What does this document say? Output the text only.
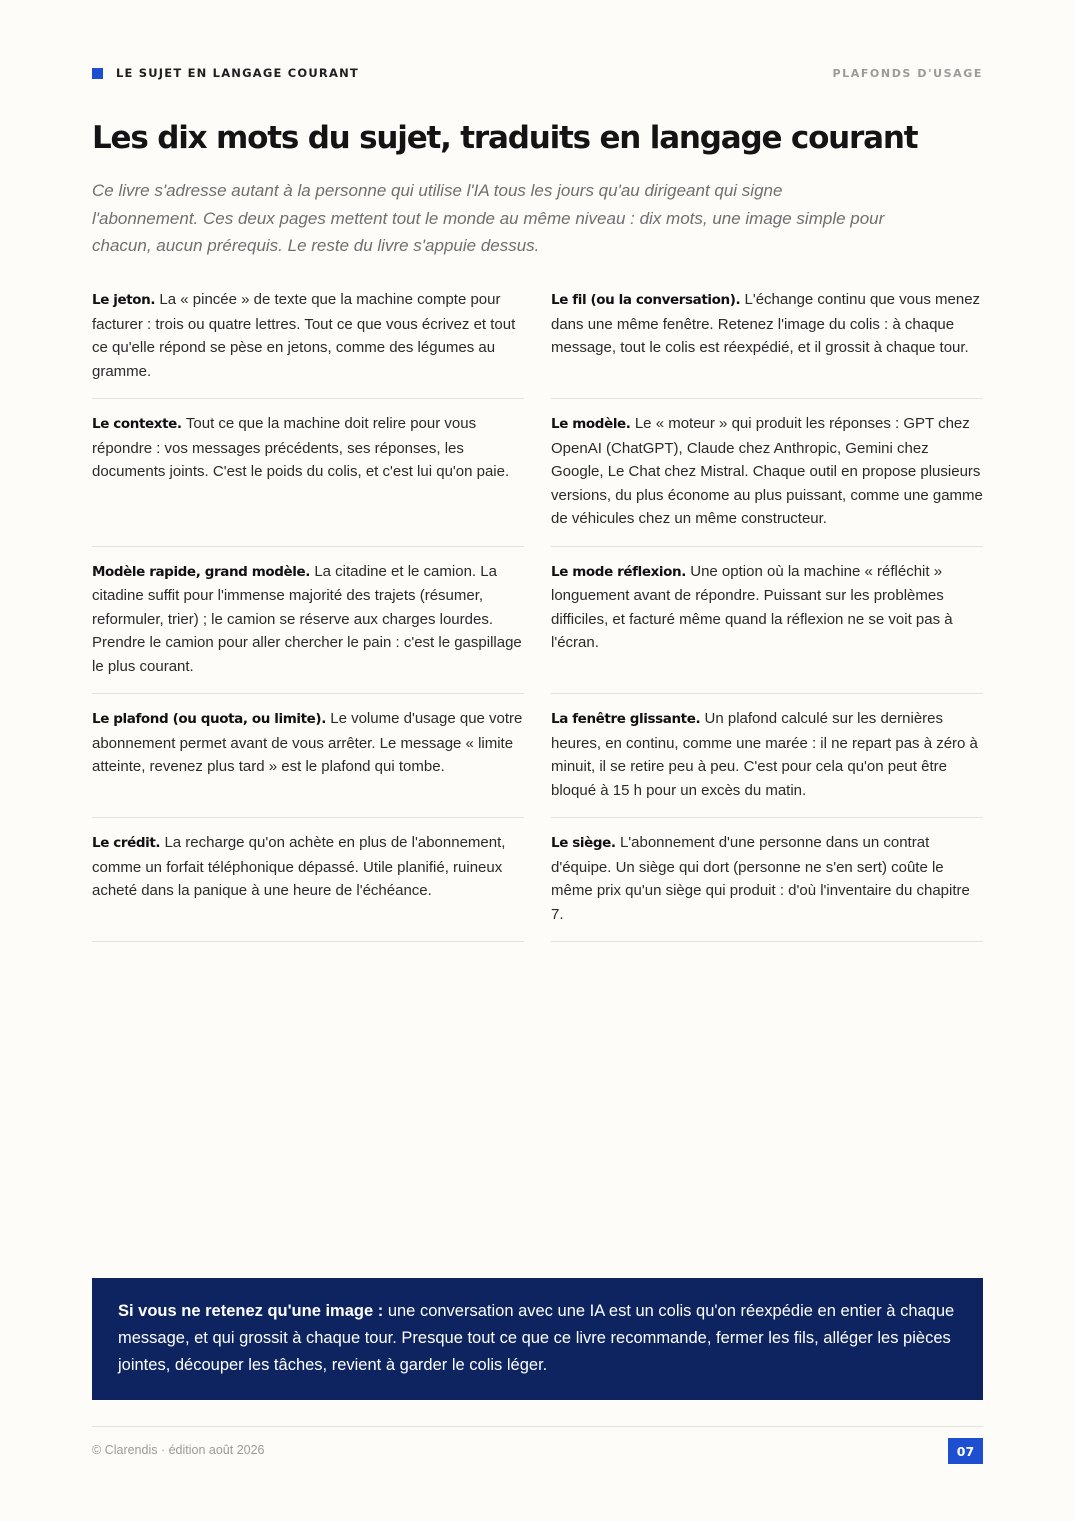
LE SUJET EN LANGAGE COURANT	PLAFONDS D'USAGE
Les dix mots du sujet, traduits en langage courant

Ce livre s'adresse autant à la personne qui utilise l'IA tous les jours qu'au dirigeant qui signe l'abonnement. Ces deux pages mettent tout le monde au même niveau : dix mots, une image simple pour chacun, aucun prérequis. Le reste du livre s'appuie dessus.

Le jeton. La « pincée » de texte que la machine compte pour facturer : trois ou quatre lettres. Tout ce que vous écrivez et tout ce qu'elle répond se pèse en jetons, comme des légumes au gramme.
Le fil (ou la conversation). L'échange continu que vous menez dans une même fenêtre. Retenez l'image du colis : à chaque message, tout le colis est réexpédié, et il grossit à chaque tour.
Le contexte. Tout ce que la machine doit relire pour vous répondre : vos messages précédents, ses réponses, les documents joints. C'est le poids du colis, et c'est lui qu'on paie.
Le modèle. Le « moteur » qui produit les réponses : GPT chez OpenAI (ChatGPT), Claude chez Anthropic, Gemini chez Google, Le Chat chez Mistral. Chaque outil en propose plusieurs versions, du plus économe au plus puissant, comme une gamme de véhicules chez un même constructeur.
Modèle rapide, grand modèle. La citadine et le camion. La citadine suffit pour l'immense majorité des trajets (résumer, reformuler, trier) ; le camion se réserve aux charges lourdes. Prendre le camion pour aller chercher le pain : c'est le gaspillage le plus courant.
Le mode réflexion. Une option où la machine « réfléchit » longuement avant de répondre. Puissant sur les problèmes difficiles, et facturé même quand la réflexion ne se voit pas à l'écran.
Le plafond (ou quota, ou limite). Le volume d'usage que votre abonnement permet avant de vous arrêter. Le message « limite atteinte, revenez plus tard » est le plafond qui tombe.
La fenêtre glissante. Un plafond calculé sur les dernières heures, en continu, comme une marée : il ne repart pas à zéro à minuit, il se retire peu à peu. C'est pour cela qu'on peut être bloqué à 15 h pour un excès du matin.
Le crédit. La recharge qu'on achète en plus de l'abonnement, comme un forfait téléphonique dépassé. Utile planifié, ruineux acheté dans la panique à une heure de l'échéance.
Le siège. L'abonnement d'une personne dans un contrat d'équipe. Un siège qui dort (personne ne s'en sert) coûte le même prix qu'un siège qui produit : d'où l'inventaire du chapitre 7.
Si vous ne retenez qu'une image : une conversation avec une IA est un colis qu'on réexpédie en entier à chaque message, et qui grossit à chaque tour. Presque tout ce que ce livre recommande, fermer les fils, alléger les pièces jointes, découper les tâches, revient à garder le colis léger.
© Clarendis · édition août 2026	07
